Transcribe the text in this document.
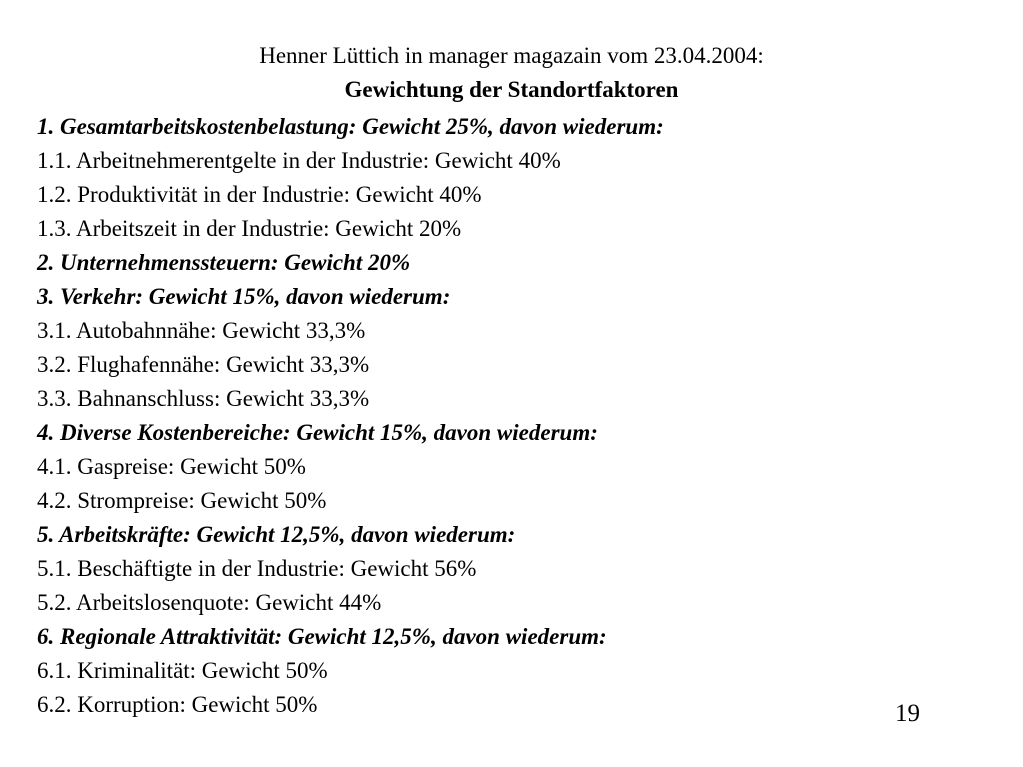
Henner Lüttich in manager magazain vom 23.04.2004:
Gewichtung der Standortfaktoren
1. Gesamtarbeitskostenbelastung: Gewicht 25%, davon wiederum:
1.1. Arbeitnehmerentgelte in der Industrie: Gewicht 40%
1.2. Produktivität in der Industrie: Gewicht 40%
1.3. Arbeitszeit in der Industrie: Gewicht 20%
2. Unternehmenssteuern: Gewicht 20%
3. Verkehr: Gewicht 15%, davon wiederum:
3.1. Autobahnnähe: Gewicht 33,3%
3.2. Flughafennähe: Gewicht 33,3%
3.3. Bahnanschluss: Gewicht 33,3%
4. Diverse Kostenbereiche: Gewicht 15%, davon wiederum:
4.1. Gaspreise: Gewicht 50%
4.2. Strompreise: Gewicht 50%
5. Arbeitskräfte: Gewicht 12,5%, davon wiederum:
5.1. Beschäftigte in der Industrie: Gewicht 56%
5.2. Arbeitslosenquote: Gewicht 44%
6. Regionale Attraktivität: Gewicht 12,5%, davon wiederum:
6.1. Kriminalität: Gewicht 50%
6.2. Korruption: Gewicht 50%	19
